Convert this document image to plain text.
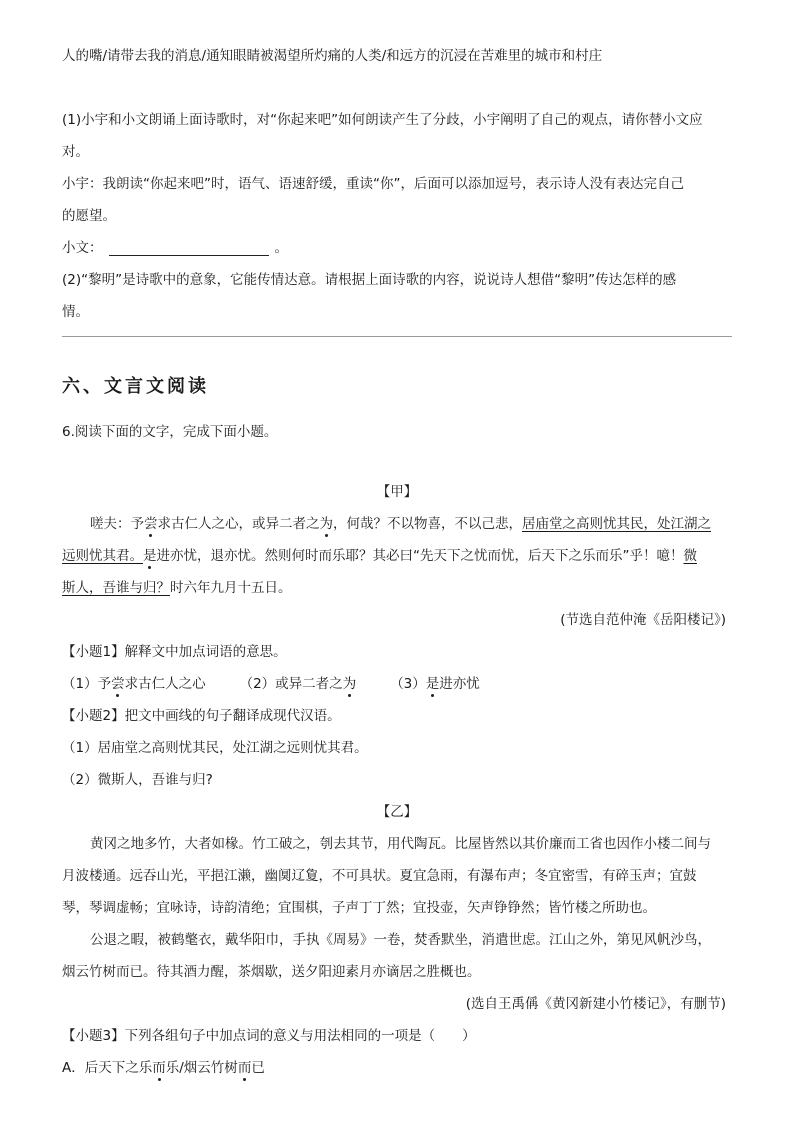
人的嘴/请带去我的消息/通知眼睛被渴望所灼痛的人类/和远方的沉浸在苦难里的城市和村庄
(1)小宇和小文朗诵上面诗歌时，对“你起来吧”如何朗读产生了分歧，小宇阐明了自己的观点，请你替小文应
对。
小宇：我朗读“你起来吧”时，语气、语速舒缓，重读“你”，后面可以添加逗号，表示诗人没有表达完自己
的愿望。
小文：	。
(2)“黎明”是诗歌中的意象，它能传情达意。请根据上面诗歌的内容，说说诗人想借“黎明”传达怎样的感
情。
六、文言文阅读
6.阅读下面的文字，完成下面小题。
【甲】
嗟夫：予尝求古仁人之心，或异二者之为，何哉？不以物喜，不以己悲，居庙堂之高则忧其民，处江湖之
远则忧其君。是进亦忧，退亦忧。然则何时而乐耶？其必曰“先天下之忧而忧，后天下之乐而乐”乎！噫！微
斯人，吾谁与归？时六年九月十五日。
(节选自范仲淹《岳阳楼记》)
【小题1】解释文中加点词语的意思。
（1）予尝求古仁人之心	（2）或异二者之为	（3）是进亦忧
【小题2】把文中画线的句子翻译成现代汉语。
（1）居庙堂之高则忧其民，处江湖之远则忧其君。
（2）微斯人，吾谁与归?
【乙】
黄冈之地多竹，大者如椽。竹工破之，刳去其节，用代陶瓦。比屋皆然以其价廉而工省也因作小楼二间与
月波楼通。远吞山光，平挹江濑，幽阒辽夐，不可具状。夏宜急雨，有瀑布声；冬宜密雪，有碎玉声；宜鼓
琴，琴调虚畅；宜咏诗，诗韵清绝；宜围棋，子声丁丁然；宜投壶，矢声铮铮然；皆竹楼之所助也。
公退之暇，被鹤氅衣，戴华阳巾，手执《周易》一卷，焚香默坐，消遣世虑。江山之外，第见风帆沙鸟，
烟云竹树而已。待其酒力醒，茶烟歇，送夕阳迎素月亦谪居之胜概也。
(选自王禹偁《黄冈新建小竹楼记》，有删节)
【小题3】下列各组句子中加点词的意义与用法相同的一项是（　　）
A．后天下之乐而乐/烟云竹树而已
